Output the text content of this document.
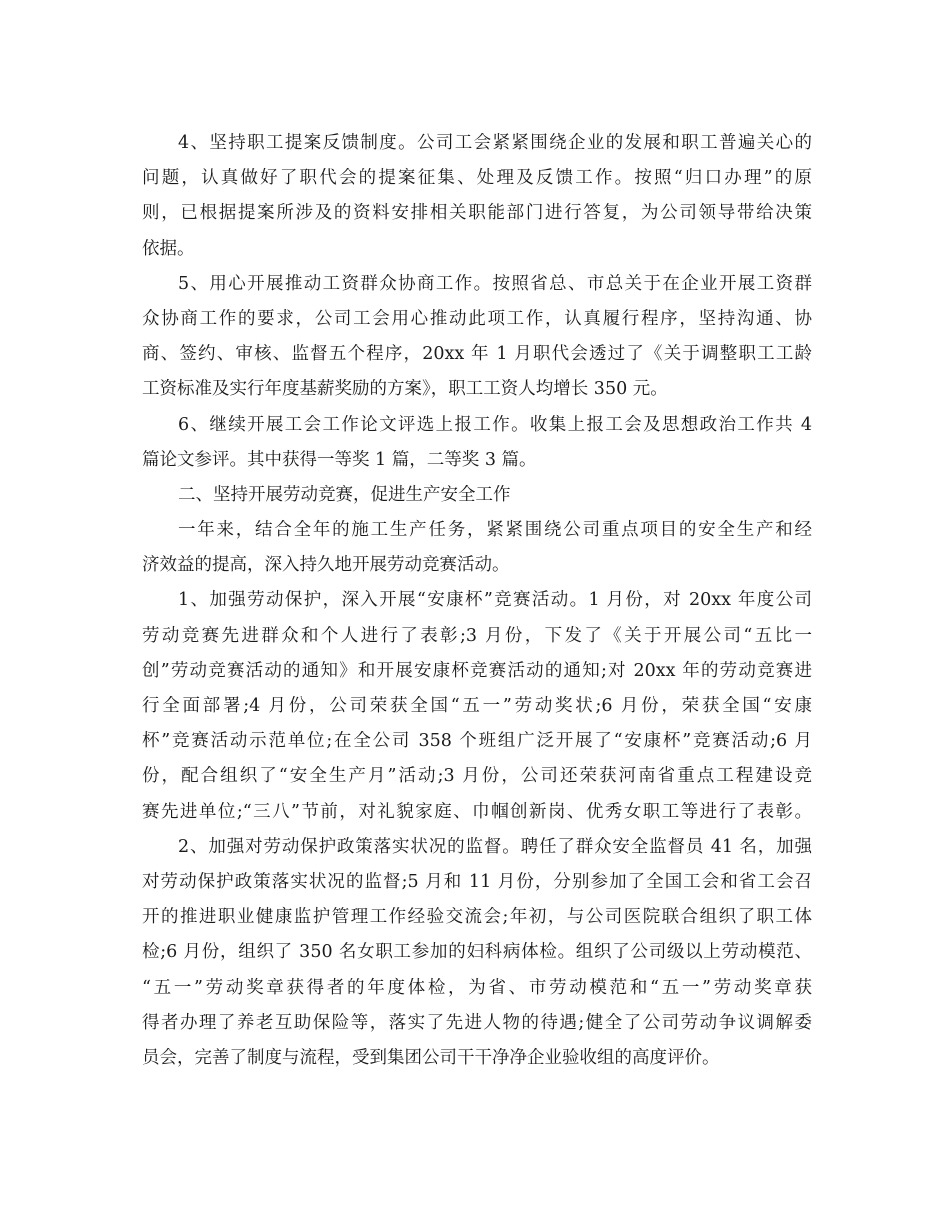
4、坚持职工提案反馈制度。公司工会紧紧围绕企业的发展和职工普遍关心的
问题，认真做好了职代会的提案征集、处理及反馈工作。按照“归口办理”的原
则，已根据提案所涉及的资料安排相关职能部门进行答复，为公司领导带给决策
依据。
5、用心开展推动工资群众协商工作。按照省总、市总关于在企业开展工资群
众协商工作的要求，公司工会用心推动此项工作，认真履行程序，坚持沟通、协
商、签约、审核、监督五个程序，20xx 年 1 月职代会透过了《关于调整职工工龄
工资标准及实行年度基薪奖励的方案》，职工工资人均增长 350 元。
6、继续开展工会工作论文评选上报工作。收集上报工会及思想政治工作共 4
篇论文参评。其中获得一等奖 1 篇，二等奖 3 篇。
二、坚持开展劳动竞赛，促进生产安全工作
一年来，结合全年的施工生产任务，紧紧围绕公司重点项目的安全生产和经
济效益的提高，深入持久地开展劳动竞赛活动。
1、加强劳动保护，深入开展“安康杯”竞赛活动。1 月份，对 20xx 年度公司
劳动竞赛先进群众和个人进行了表彰;3 月份，下发了《关于开展公司“五比一
创”劳动竞赛活动的通知》和开展安康杯竞赛活动的通知;对 20xx 年的劳动竞赛进
行全面部署;4 月份，公司荣获全国“五一”劳动奖状;6 月份，荣获全国“安康
杯”竞赛活动示范单位;在全公司 358 个班组广泛开展了“安康杯”竞赛活动;6 月
份，配合组织了“安全生产月”活动;3 月份，公司还荣获河南省重点工程建设竞
赛先进单位;“三八”节前，对礼貌家庭、巾帼创新岗、优秀女职工等进行了表彰。
2、加强对劳动保护政策落实状况的监督。聘任了群众安全监督员 41 名，加强
对劳动保护政策落实状况的监督;5 月和 11 月份，分别参加了全国工会和省工会召
开的推进职业健康监护管理工作经验交流会;年初，与公司医院联合组织了职工体
检;6 月份，组织了 350 名女职工参加的妇科病体检。组织了公司级以上劳动模范、
“五一”劳动奖章获得者的年度体检，为省、市劳动模范和“五一”劳动奖章获
得者办理了养老互助保险等，落实了先进人物的待遇;健全了公司劳动争议调解委
员会，完善了制度与流程，受到集团公司干干净净企业验收组的高度评价。
